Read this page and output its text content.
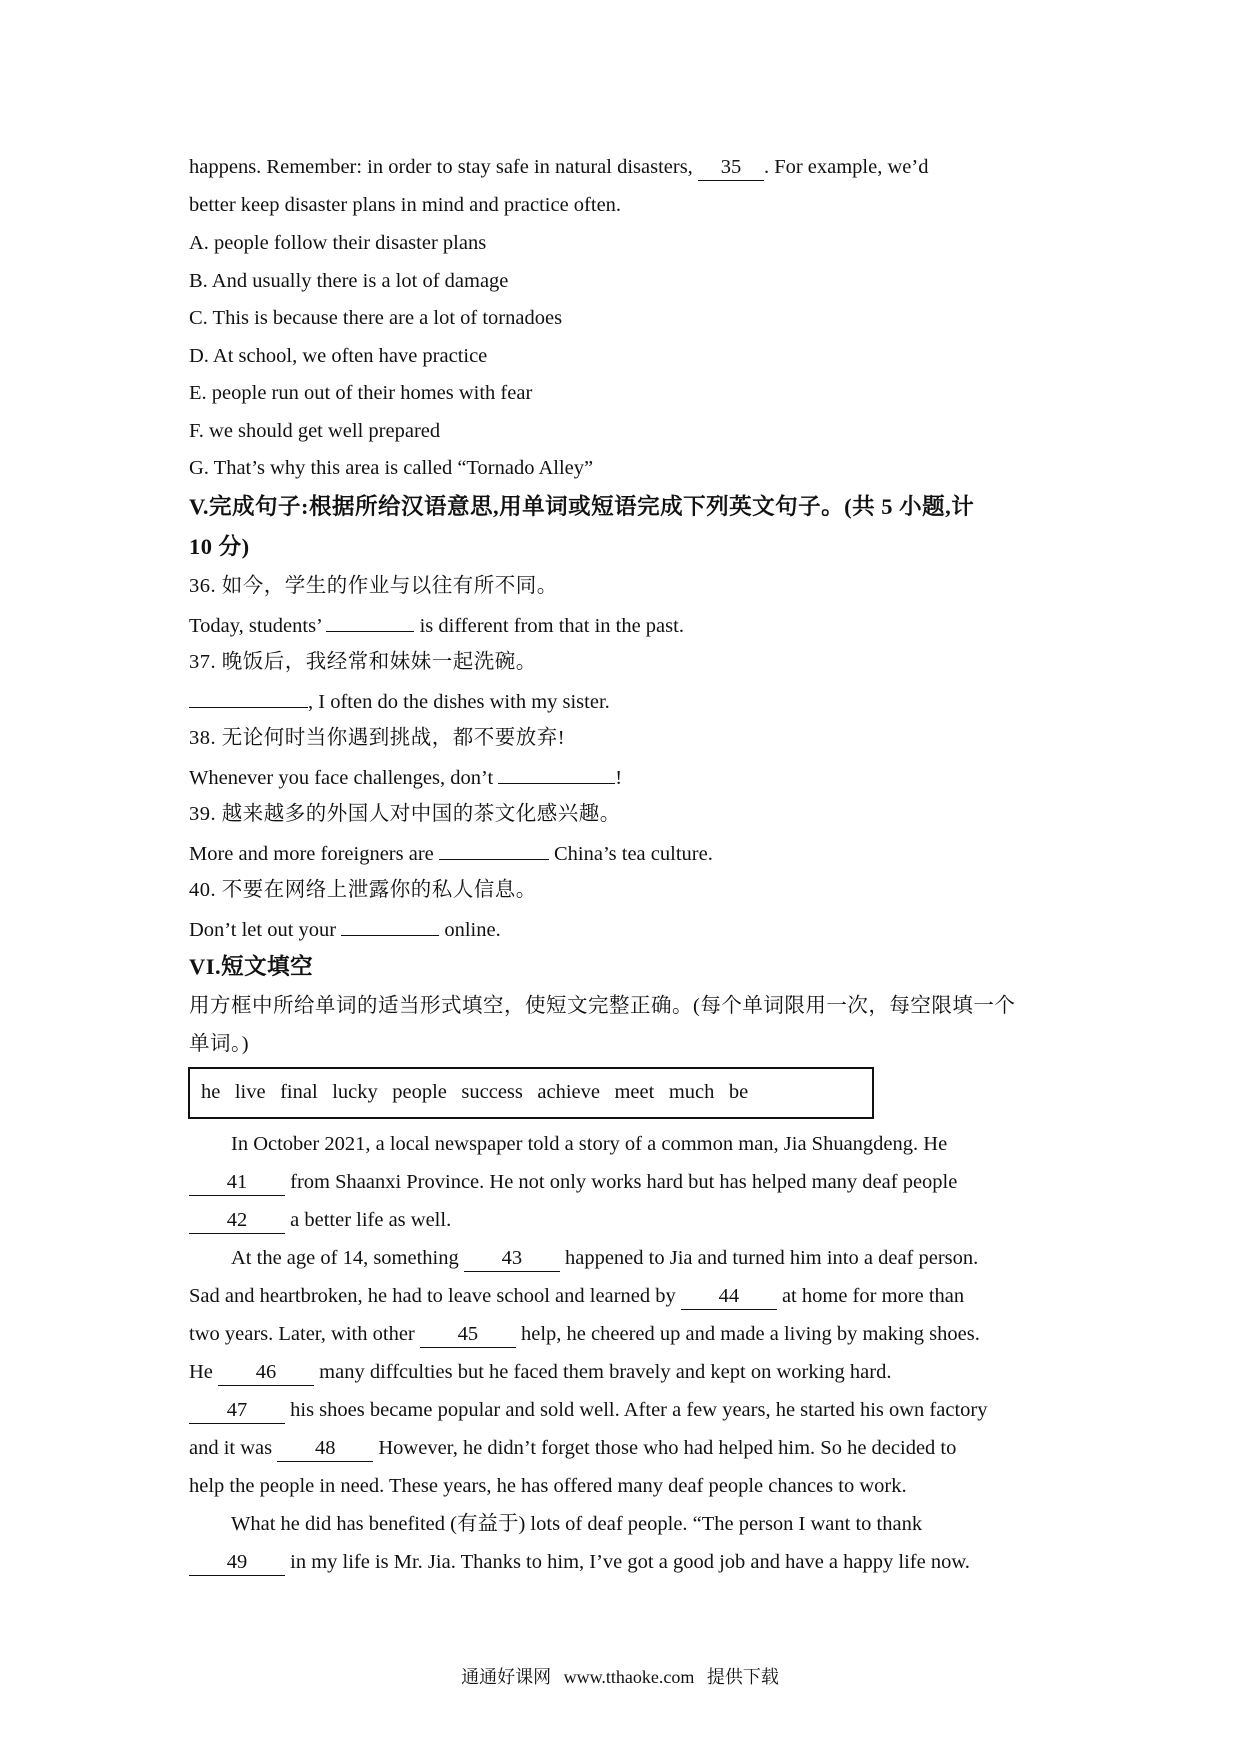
happens. Remember: in order to stay safe in natural disasters, 35 . For example, we’d
better keep disaster plans in mind and practice often.
A. people follow their disaster plans
B. And usually there is a lot of damage
C. This is because there are a lot of tornadoes
D. At school, we often have practice
E. people run out of their homes with fear
F. we should get well prepared
G. That’s why this area is called “Tornado Alley”
V.完成句子:根据所给汉语意思,用单词或短语完成下列英文句子。(共 5 小题,计
10 分)
36. 如今，学生的作业与以往有所不同。
Today, students’	is different from that in the past.
37. 晚饭后，我经常和妹妹一起洗碗。
, I often do the dishes with my sister.
38. 无论何时当你遇到挑战，都不要放弃!
Whenever you face challenges, don’t	!
39. 越来越多的外国人对中国的茶文化感兴趣。
More and more foreigners are	China’s tea culture.
40. 不要在网络上泄露你的私人信息。
Don’t let out your	online.
VI.短文填空
用方框中所给单词的适当形式填空，使短文完整正确。(每个单词限用一次，每空限填一个
单词。)
he live final lucky people success achieve meet much be
In October 2021, a local newspaper told a story of a common man, Jia Shuangdeng. He
41 from Shaanxi Province. He not only works hard but has helped many deaf people
42 a better life as well.
At the age of 14, something 43 happened to Jia and turned him into a deaf person.
Sad and heartbroken, he had to leave school and learned by 44 at home for more than
two years. Later, with other 45 help, he cheered up and made a living by making shoes.
He 46 many diffculties but he faced them bravely and kept on working hard.
47 his shoes became popular and sold well. After a few years, he started his own factory
and it was 48 However, he didn’t forget those who had helped him. So he decided to
help the people in need. These years, he has offered many deaf people chances to work.
What he did has benefited (有益于) lots of deaf people. “The person I want to thank
49 in my life is Mr. Jia. Thanks to him, I’ve got a good job and have a happy life now.
通通好课网 www.tthaoke.com 提供下载
